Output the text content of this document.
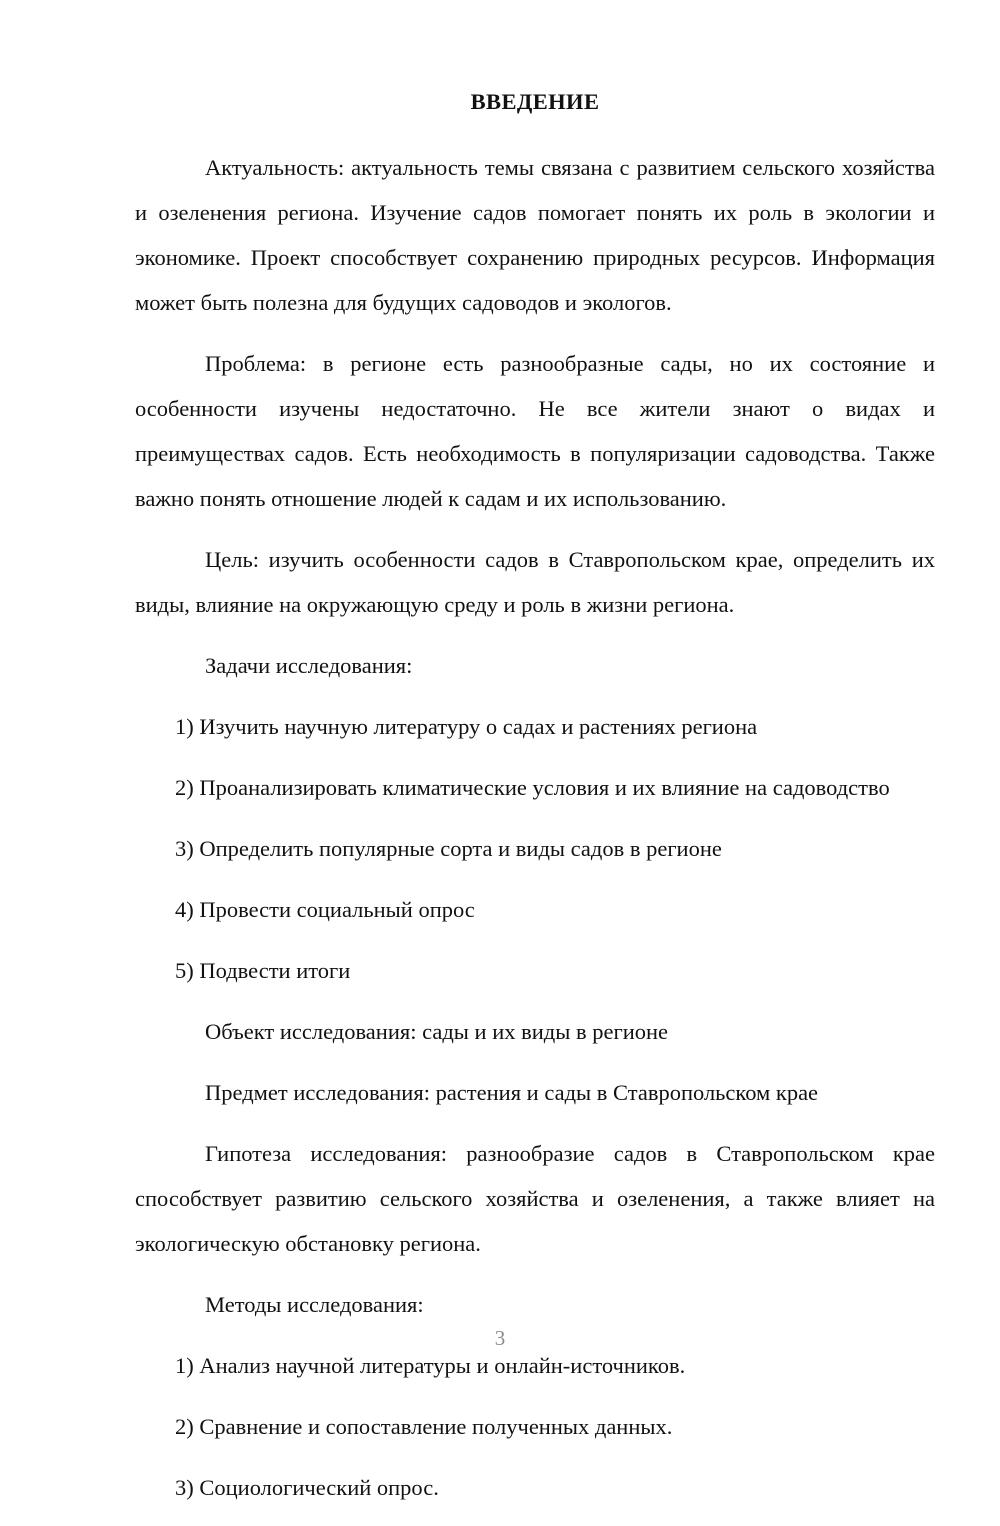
ВВЕДЕНИЕ

Актуальность: актуальность темы связана с развитием сельского хозяйства и озеленения региона. Изучение садов помогает понять их роль в экологии и экономике. Проект способствует сохранению природных ресурсов. Информация может быть полезна для будущих садоводов и экологов.

Проблема: в регионе есть разнообразные сады, но их состояние и особенности изучены недостаточно. Не все жители знают о видах и преимуществах садов. Есть необходимость в популяризации садоводства. Также важно понять отношение людей к садам и их использованию.

Цель: изучить особенности садов в Ставропольском крае, определить их виды, влияние на окружающую среду и роль в жизни региона.

Задачи исследования:

1) Изучить научную литературу о садах и растениях региона

2) Проанализировать климатические условия и их влияние на садоводство

3) Определить популярные сорта и виды садов в регионе

4) Провести социальный опрос

5) Подвести итоги

Объект исследования: сады и их виды в регионе

Предмет исследования: растения и сады в Ставропольском крае

Гипотеза исследования: разнообразие садов в Ставропольском крае способствует развитию сельского хозяйства и озеленения, а также влияет на экологическую обстановку региона.

Методы исследования:

1) Анализ научной литературы и онлайн-источников.

2) Сравнение и сопоставление полученных данных.

3) Социологический опрос.

3
